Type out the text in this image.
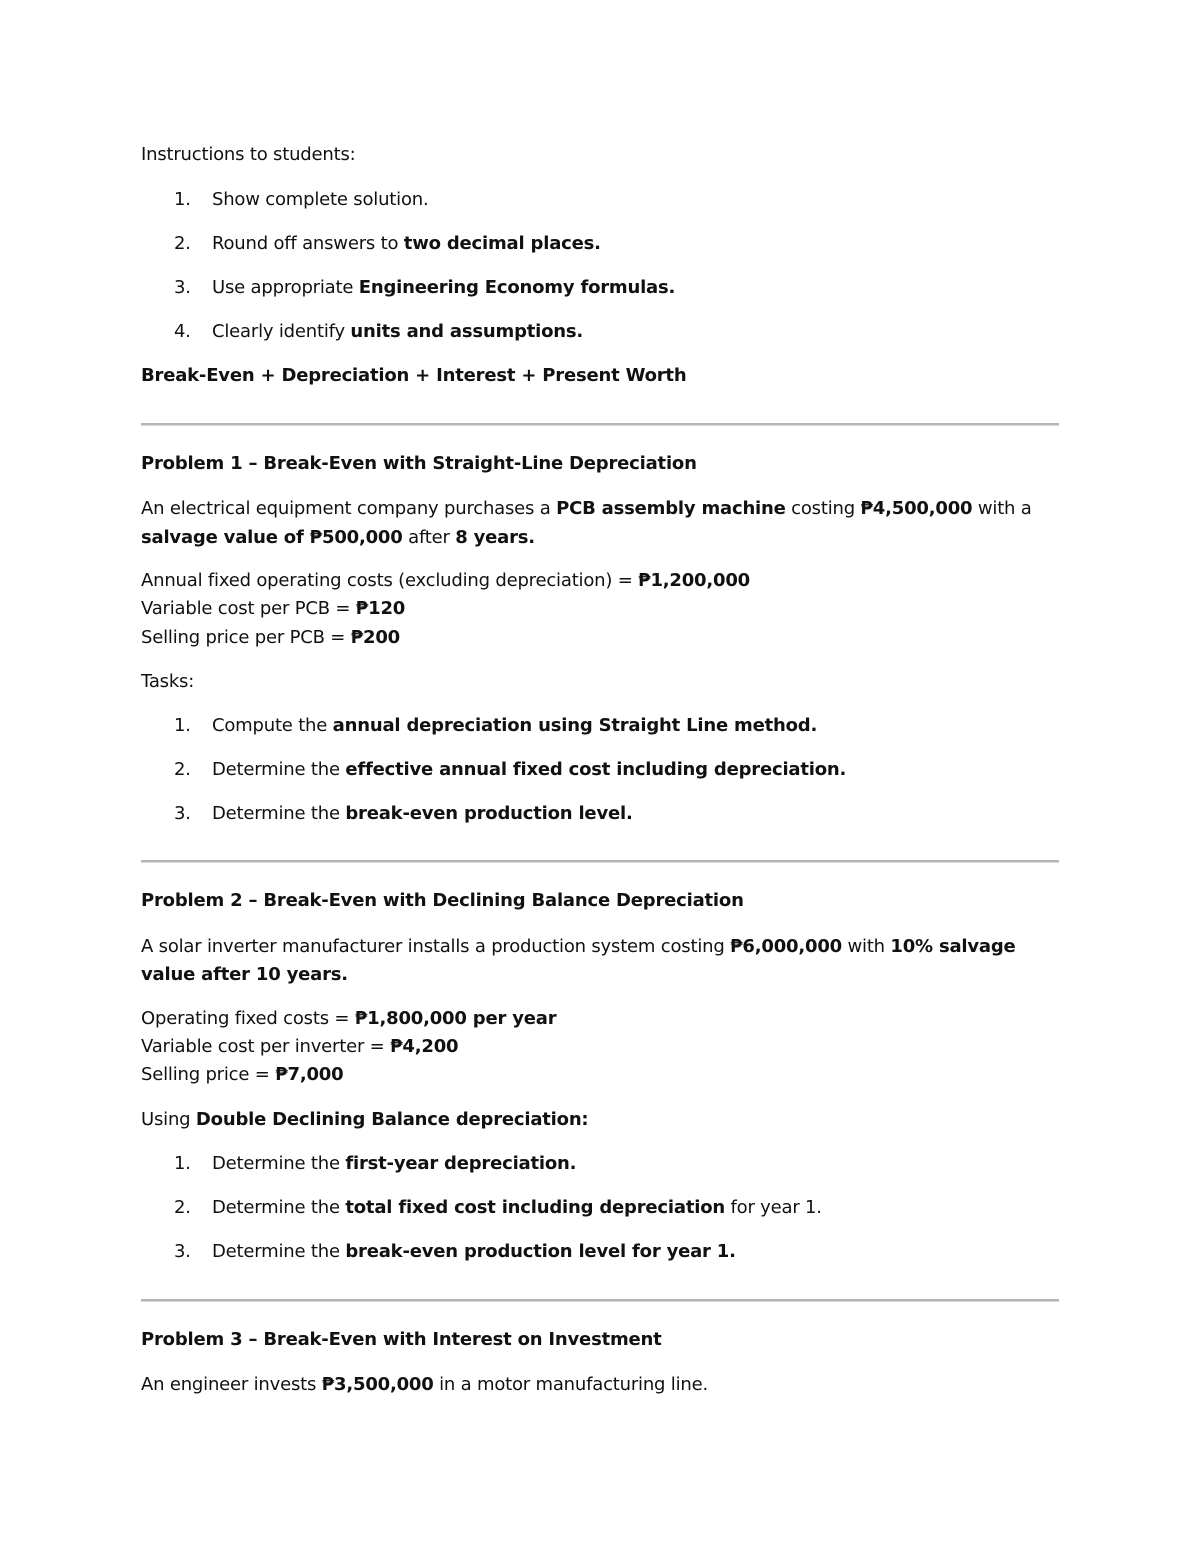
Instructions to students:
1. Show complete solution.
2. Round off answers to two decimal places.
3. Use appropriate Engineering Economy formulas.
4. Clearly identify units and assumptions.
Break-Even + Depreciation + Interest + Present Worth
Problem 1 – Break-Even with Straight-Line Depreciation
An electrical equipment company purchases a PCB assembly machine costing ₱4,500,000 with a
salvage value of ₱500,000 after 8 years.
Annual fixed operating costs (excluding depreciation) = ₱1,200,000
Variable cost per PCB = ₱120
Selling price per PCB = ₱200
Tasks:
1. Compute the annual depreciation using Straight Line method.
2. Determine the effective annual fixed cost including depreciation.
3. Determine the break-even production level.
Problem 2 – Break-Even with Declining Balance Depreciation
A solar inverter manufacturer installs a production system costing ₱6,000,000 with 10% salvage
value after 10 years.
Operating fixed costs = ₱1,800,000 per year
Variable cost per inverter = ₱4,200
Selling price = ₱7,000
Using Double Declining Balance depreciation:
1. Determine the first-year depreciation.
2. Determine the total fixed cost including depreciation for year 1.
3. Determine the break-even production level for year 1.
Problem 3 – Break-Even with Interest on Investment
An engineer invests ₱3,500,000 in a motor manufacturing line.
